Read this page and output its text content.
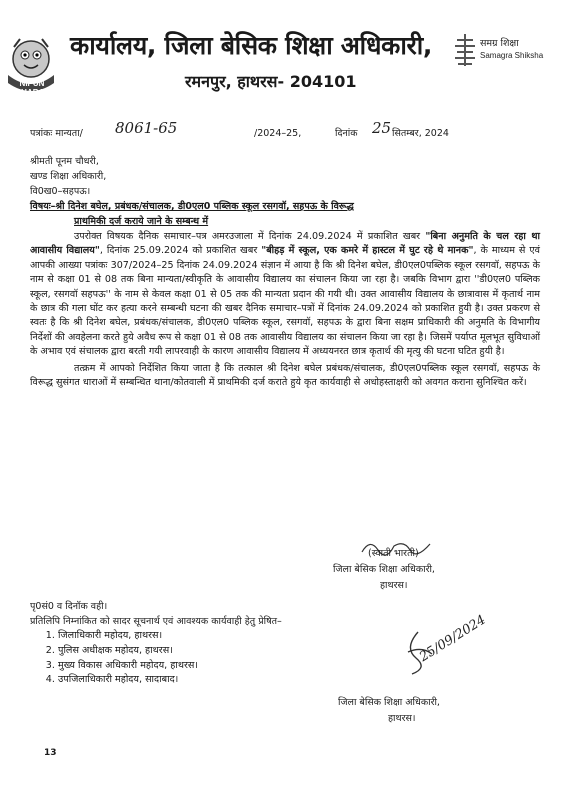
NIPUN BHARAT
कार्यालय, जिला बेसिक शिक्षा अधिकारी,
रमनपुर, हाथरस- 204101
समग्र शिक्षा
Samagra Shiksha
पत्रांकः मान्यता/ 8061-65	/2024–25,	दिनांक 25 सितम्बर, 2024
श्रीमती पूनम चौधरी,
खण्ड शिक्षा अधिकारी,
वि0ख0–सहपऊ।
विषयः–श्री दिनेश बघेल, प्रबंधक/संचालक, डी0एल0 पब्लिक स्कूल रसगवॉ, सहपऊ के विरूद्ध
प्राथमिकी दर्ज कराये जाने के सम्बन्ध में

उपरोक्त विषयक दैनिक समाचार–पत्र अमरउजाला में दिनांक 24.09.2024 में प्रकाशित खबर "बिना अनुमति के चल रहा था आवासीय विद्यालय", दिनांक 25.09.2024 को प्रकाशित खबर "बीहड़ में स्कूल, एक कमरे में हास्टल में घुट रहे थे मानक", के माध्यम से एवं आपकी आख्या पत्रांकः 307/2024–25 दिनांक 24.09.2024 संज्ञान में आया है कि श्री दिनेश बघेल, डी0एल0पब्लिक स्कूल रसगवॉ, सहपऊ के नाम से कक्षा 01 से 08 तक बिना मान्यता/स्वीकृति के आवासीय विद्यालय का संचालन किया जा रहा है। जबकि विभाग द्वारा ''डी0एल0 पब्लिक स्कूल, रसगवॉ सहपऊ'' के नाम से केवल कक्षा 01 से 05 तक की मान्यता प्रदान की गयी थी। उक्त आवासीय विद्यालय के छात्रावास में कृतार्थ नाम के छात्र की गला घोंट कर हत्या करने सम्बन्धी घटना की खबर दैनिक समाचार–पत्रों में दिनांक 24.09.2024 को प्रकाशित हुयी है। उक्त प्रकरण से स्वतः है कि श्री दिनेश बघेल, प्रबंधक/संचालक, डी0एल0 पब्लिक स्कूल, रसगवॉ, सहपऊ के द्वारा बिना सक्षम प्राधिकारी की अनुमति के विभागीय निर्देशों की अवहेलना करते हुये अवैध रूप से कक्षा 01 से 08 तक आवासीय विद्यालय का संचालन किया जा रहा है। जिसमें पर्याप्त मूलभूत सुविधाओं के अभाव एवं संचालक द्वारा बरती गयी लापरवाही के कारण आवासीय विद्यालय में अध्ययनरत छात्र कृतार्थ की मृत्यु की घटना घटित हुयी है।

तत्क्रम में आपको निर्देशित किया जाता है कि तत्काल श्री दिनेश बघेल प्रबंधक/संचालक, डी0एल0पब्लिक स्कूल रसगवॉ, सहपऊ के विरूद्ध सुसंगत धाराओं में सम्बन्धित थाना/कोतवाली में प्राथमिकी दर्ज कराते हुये कृत कार्यवाही से अधोहस्ताक्षरी को अवगत कराना सुनिश्चित करें।

(स्वाती भारती)
जिला बेसिक शिक्षा अधिकारी,
हाथरस।
पृ0सं0 व दिनॉक वही।
प्रतिलिपि निम्नांकित को सादर सूचनार्थ एवं आवश्यक कार्यवाही हेतु प्रेषित–
1. जिलाधिकारी महोदय, हाथरस।
2. पुलिस अधीक्षक महोदय, हाथरस।
3. मुख्य विकास अधिकारी महोदय, हाथरस।
4. उपजिलाधिकारी महोदय, सादाबाद।
25/09/2024
जिला बेसिक शिक्षा अधिकारी,
हाथरस।
13
